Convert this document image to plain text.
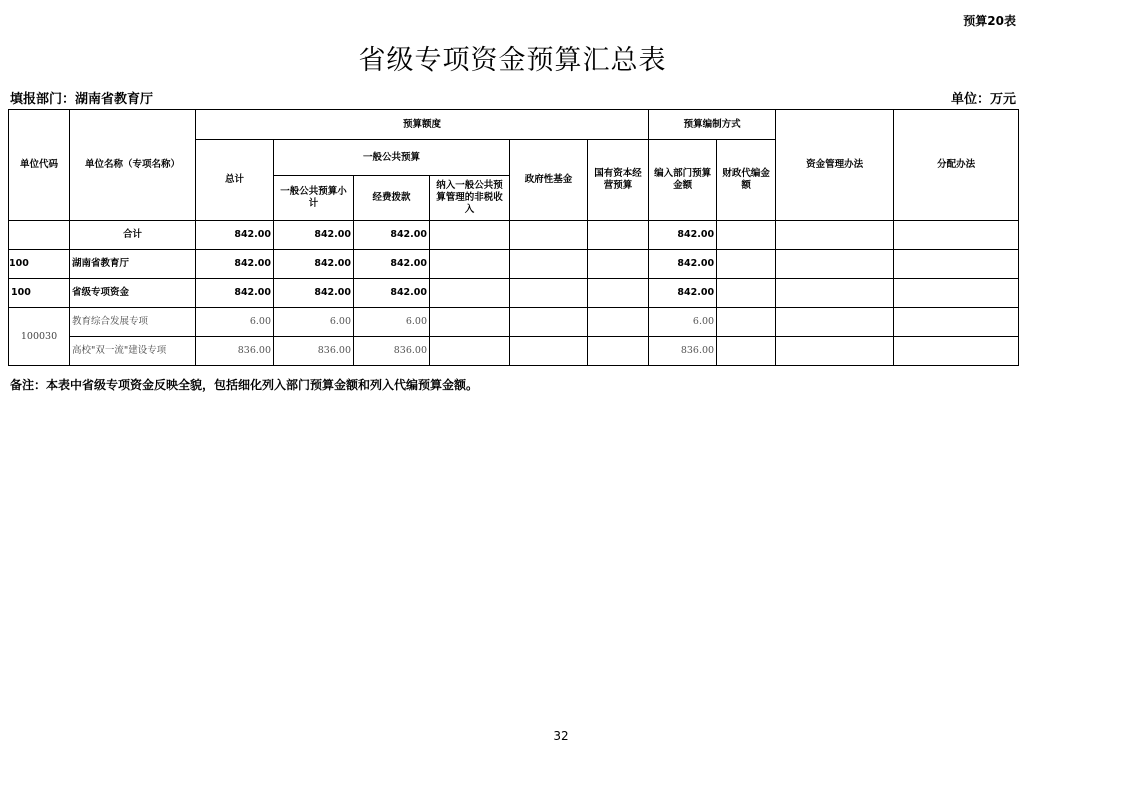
预算20表
省级专项资金预算汇总表
填报部门：湖南省教育厅	单位：万元
单位代码	单位名称（专项名称）	预算额度						预算编制方式		资金管理办法	分配办法
		总计	一般公共预算			政府性基金	国有资本经营预算	编入部门预算金额	财政代编金额		
			一般公共预算小计	经费拨款	纳入一般公共预算管理的非税收入						
	合计	842.00	842.00	842.00				842.00			
100	湖南省教育厅	842.00	842.00	842.00				842.00			
100	省级专项资金	842.00	842.00	842.00				842.00			
100030	教育综合发展专项	6.00	6.00	6.00				6.00			
	高校"双一流"建设专项	836.00	836.00	836.00				836.00			
备注：本表中省级专项资金反映全貌，包括细化列入部门预算金额和列入代编预算金额。
32
